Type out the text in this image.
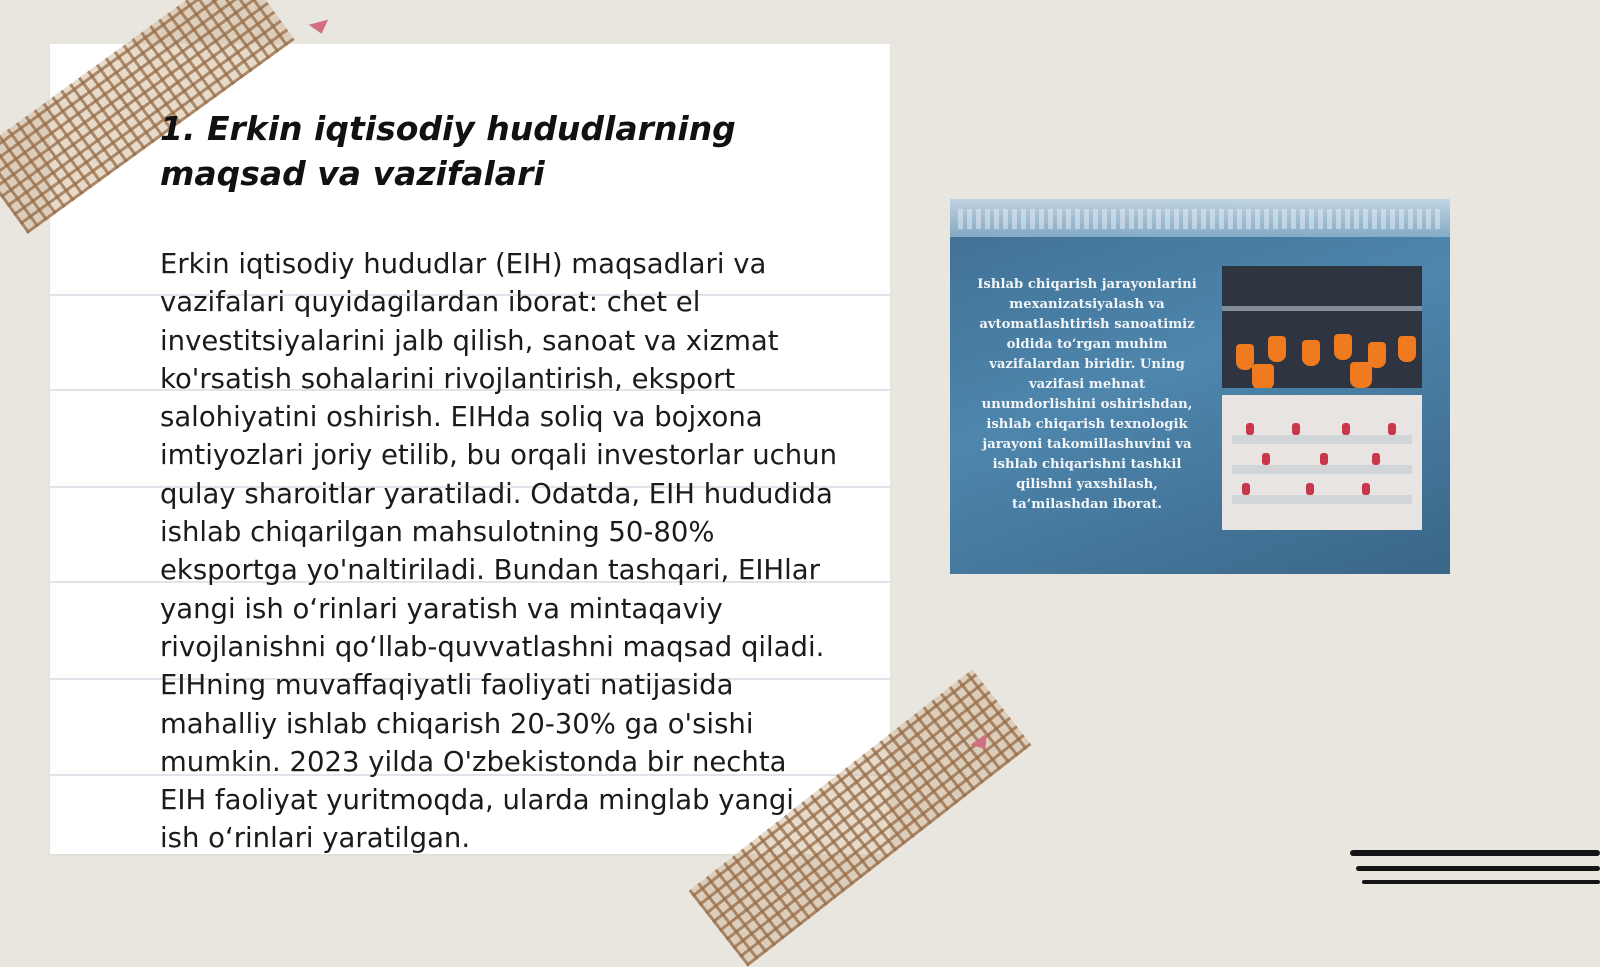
1. Erkin iqtisodiy hududlarning maqsad va vazifalari

Erkin iqtisodiy hududlar (EIH) maqsadlari va vazifalari quyidagilardan iborat: chet el investitsiyalarini jalb qilish, sanoat va xizmat ko'rsatish sohalarini rivojlantirish, eksport salohiyatini oshirish. EIHda soliq va bojxona imtiyozlari joriy etilib, bu orqali investorlar uchun qulay sharoitlar yaratiladi. Odatda, EIH hududida ishlab chiqarilgan mahsulotning 50-80% eksportga yo'naltiriladi. Bundan tashqari, EIHlar yangi ish o‘rinlari yaratish va mintaqaviy rivojlanishni qo‘llab-quvvatlashni maqsad qiladi. EIHning muvaffaqiyatli faoliyati natijasida mahalliy ishlab chiqarish 20-30% ga o'sishi mumkin. 2023 yilda O'zbekistonda bir nechta EIH faoliyat yuritmoqda, ularda minglab yangi ish o‘rinlari yaratilgan.

Ishlab chiqarish jarayonlarini mexanizatsiyalash va avtomatlashtirish sanoatimiz oldida to’rgan muhim vazifalardan biridir. Uning vazifasi mehnat unumdorlishini oshirishdan, ishlab chiqarish texnologik jarayoni takomillashuvini va ishlab chiqarishni tashkil qilishni yaxshilash, ta’milashdan iborat.
